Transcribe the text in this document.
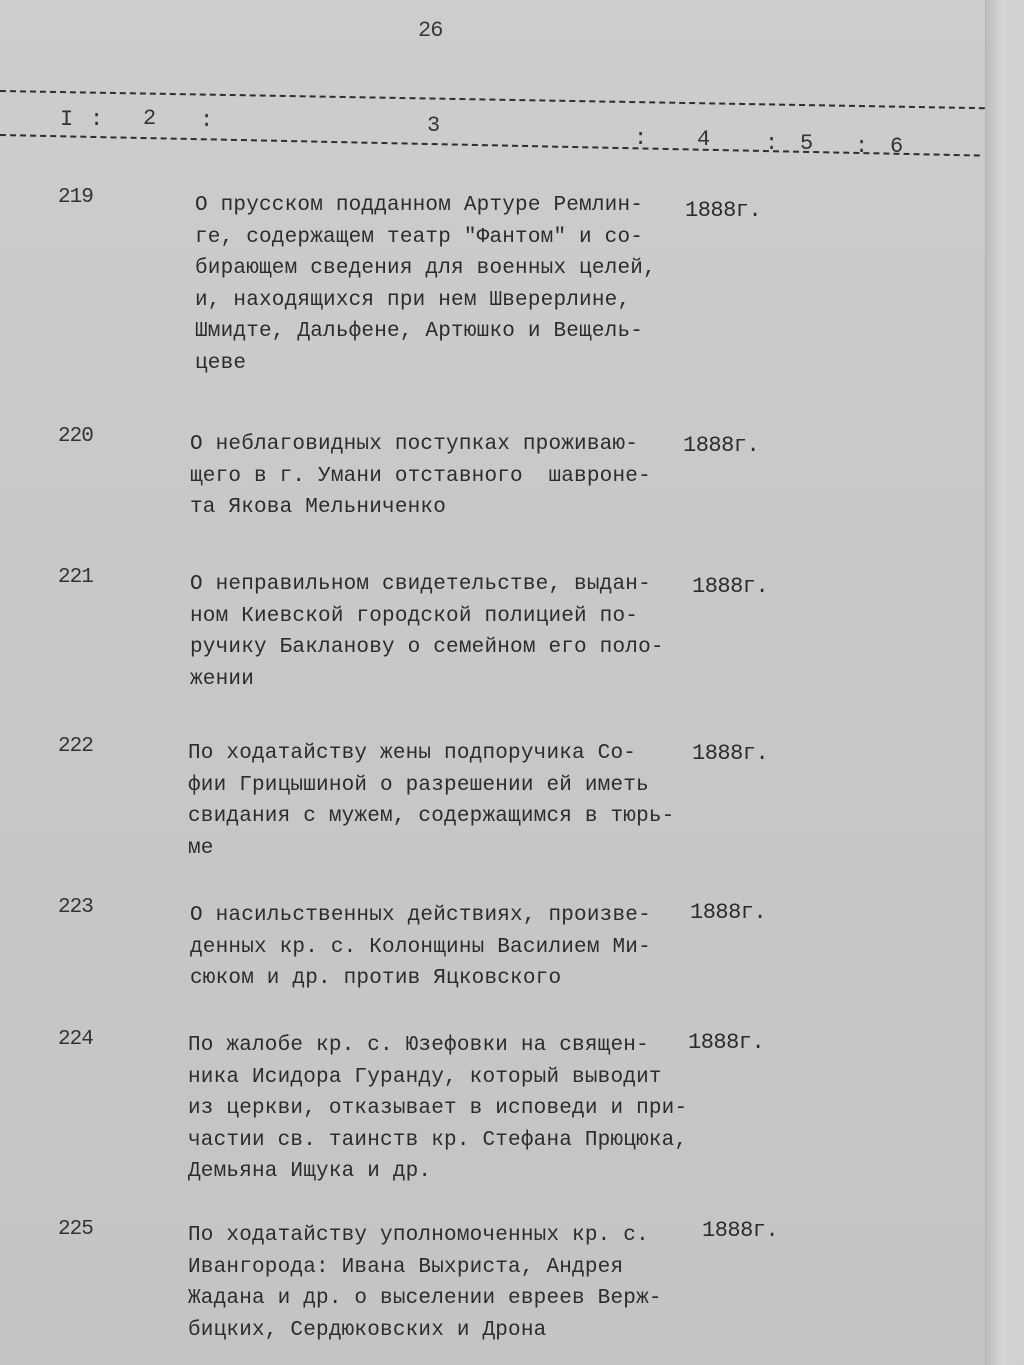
26
I : 2 :	3
: 4 : 5 : 6
219	О прусском подданном Артуре Ремлин-
ге, содержащем театр "Фантом" и со-
бирающем сведения для военных целей,
и, находящихся при нем Шверерлине,
Шмидте, Дальфене, Артюшко и Вещель-
цеве
1888г.
220	О неблаговидных поступках проживаю-
щего в г. Умани отставного  шавроне-
та Якова Мельниченко
1888г.
221	О неправильном свидетельстве, выдан-
ном Киевской городской полицией по-
ручику Бакланову о семейном его поло-
жении
1888г.
222	По ходатайству жены подпоручика Со-
фии Грицышиной о разрешении ей иметь
свидания с мужем, содержащимся в тюрь-
ме
1888г.
223	О насильственных действиях, произве-
денных кр. с. Колонщины Василием Ми-
сюком и др. против Яцковского
1888г.
224	По жалобе кр. с. Юзефовки на священ-
ника Исидора Гуранду, который выводит
из церкви, отказывает в исповеди и при-
частии св. таинств кр. Стефана Прюцюка,
Демьяна Ищука и др.
1888г.
225	По ходатайству уполномоченных кр. с.
Ивангорода: Ивана Выхриста, Андрея
Жадана и др. о выселении евреев Верж-
бицких, Сердюковских и Дрона
1888г.
